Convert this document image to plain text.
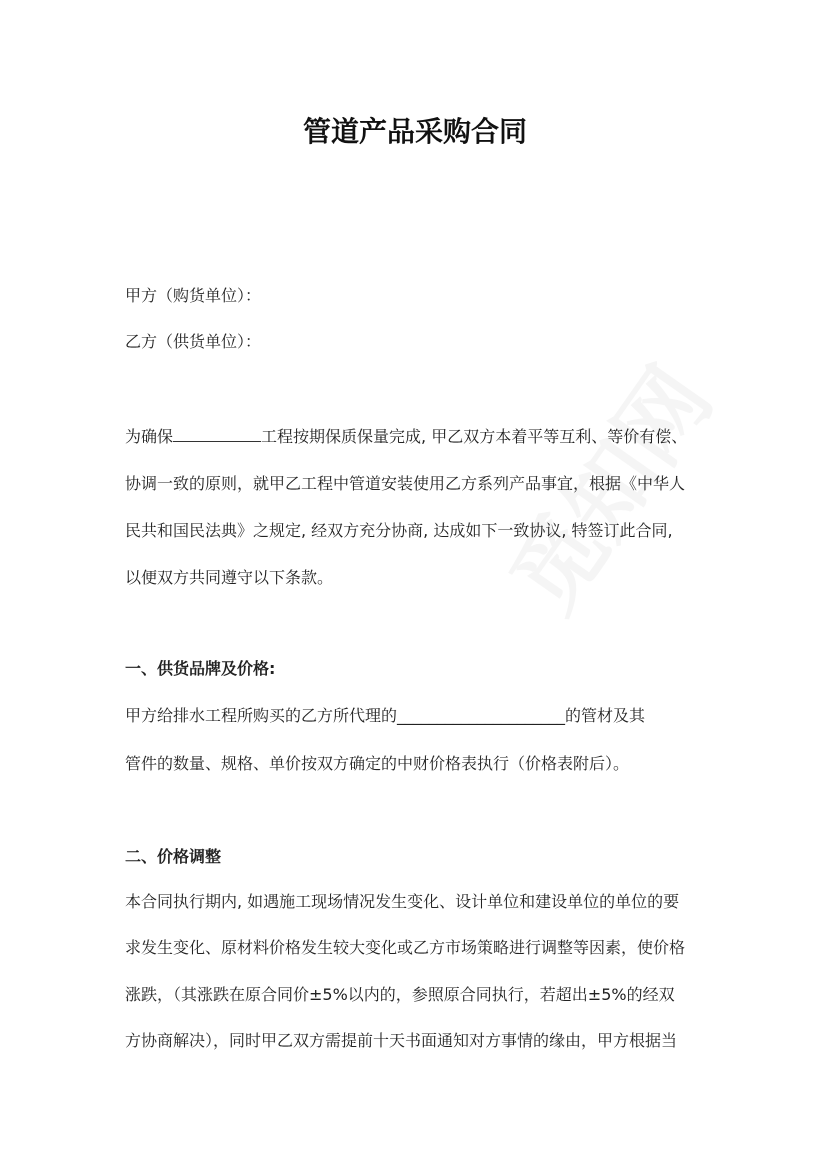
管道产品采购合同
甲方（购货单位）：
乙方（供货单位）：
为确保	工程按期保质保量完成, 甲乙双方本着平等互利、等价有偿、
协调一致的原则，就甲乙工程中管道安装使用乙方系列产品事宜，根据《中华人
民共和国民法典》之规定, 经双方充分协商, 达成如下一致协议, 特签订此合同,
以便双方共同遵守以下条款。
一、供货品牌及价格:
甲方给排水工程所购买的乙方所代理的_____________________的管材及其
管件的数量、规格、单价按双方确定的中财价格表执行（价格表附后）。
二、价格调整
本合同执行期内, 如遇施工现场情况发生变化、设计单位和建设单位的单位的要
求发生变化、原材料价格发生较大变化或乙方市场策略进行调整等因素，使价格
涨跌，（其涨跌在原合同价±5%以内的，参照原合同执行，若超出±5%的经双
方协商解决），同时甲乙双方需提前十天书面通知对方事情的缘由，甲方根据当
